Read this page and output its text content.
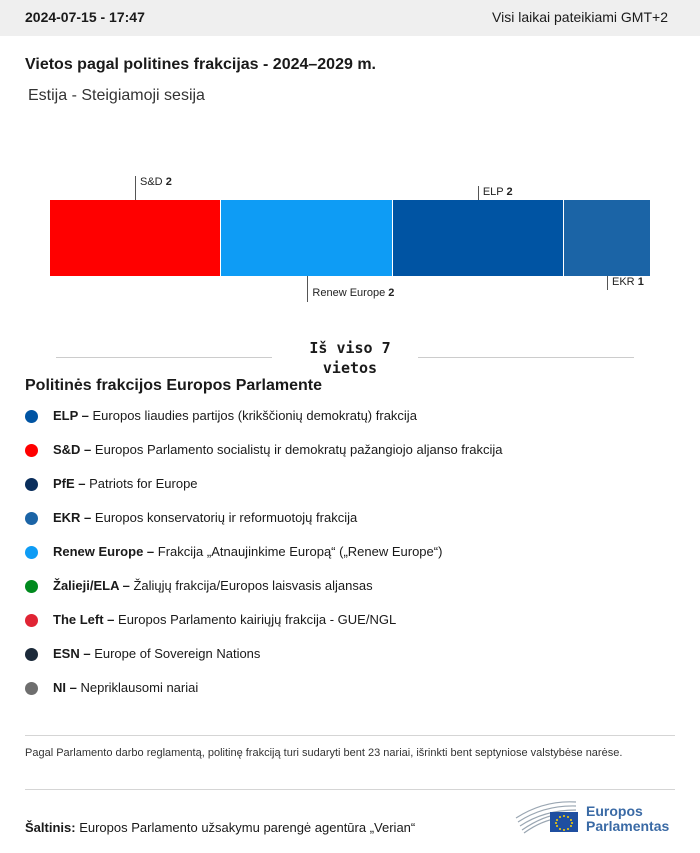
2024-07-15 - 17:47	Visi laikai pateikiami GMT+2
Vietos pagal politines frakcijas - 2024–2029 m.
Estija - Steigiamoji sesija
S&D 2
Renew Europe 2
ELP 2
EKR 1
Iš viso 7 vietos
Politinės frakcijos Europos Parlamente
ELP – Europos liaudies partijos (krikščionių demokratų) frakcija
S&D – Europos Parlamento socialistų ir demokratų pažangiojo aljanso frakcija
PfE – Patriots for Europe
EKR – Europos konservatorių ir reformuotojų frakcija
Renew Europe – Frakcija „Atnaujinkime Europą“ („Renew Europe“)
Žalieji/ELA – Žaliųjų frakcija/Europos laisvasis aljansas
The Left – Europos Parlamento kairiųjų frakcija - GUE/NGL
ESN – Europe of Sovereign Nations
NI – Nepriklausomi nariai
Pagal Parlamento darbo reglamentą, politinę frakciją turi sudaryti bent 23 nariai, išrinkti bent septyniose valstybėse narėse.
Šaltinis: Europos Parlamento užsakymu parengė agentūra „Verian“
Europos
Parlamentas
